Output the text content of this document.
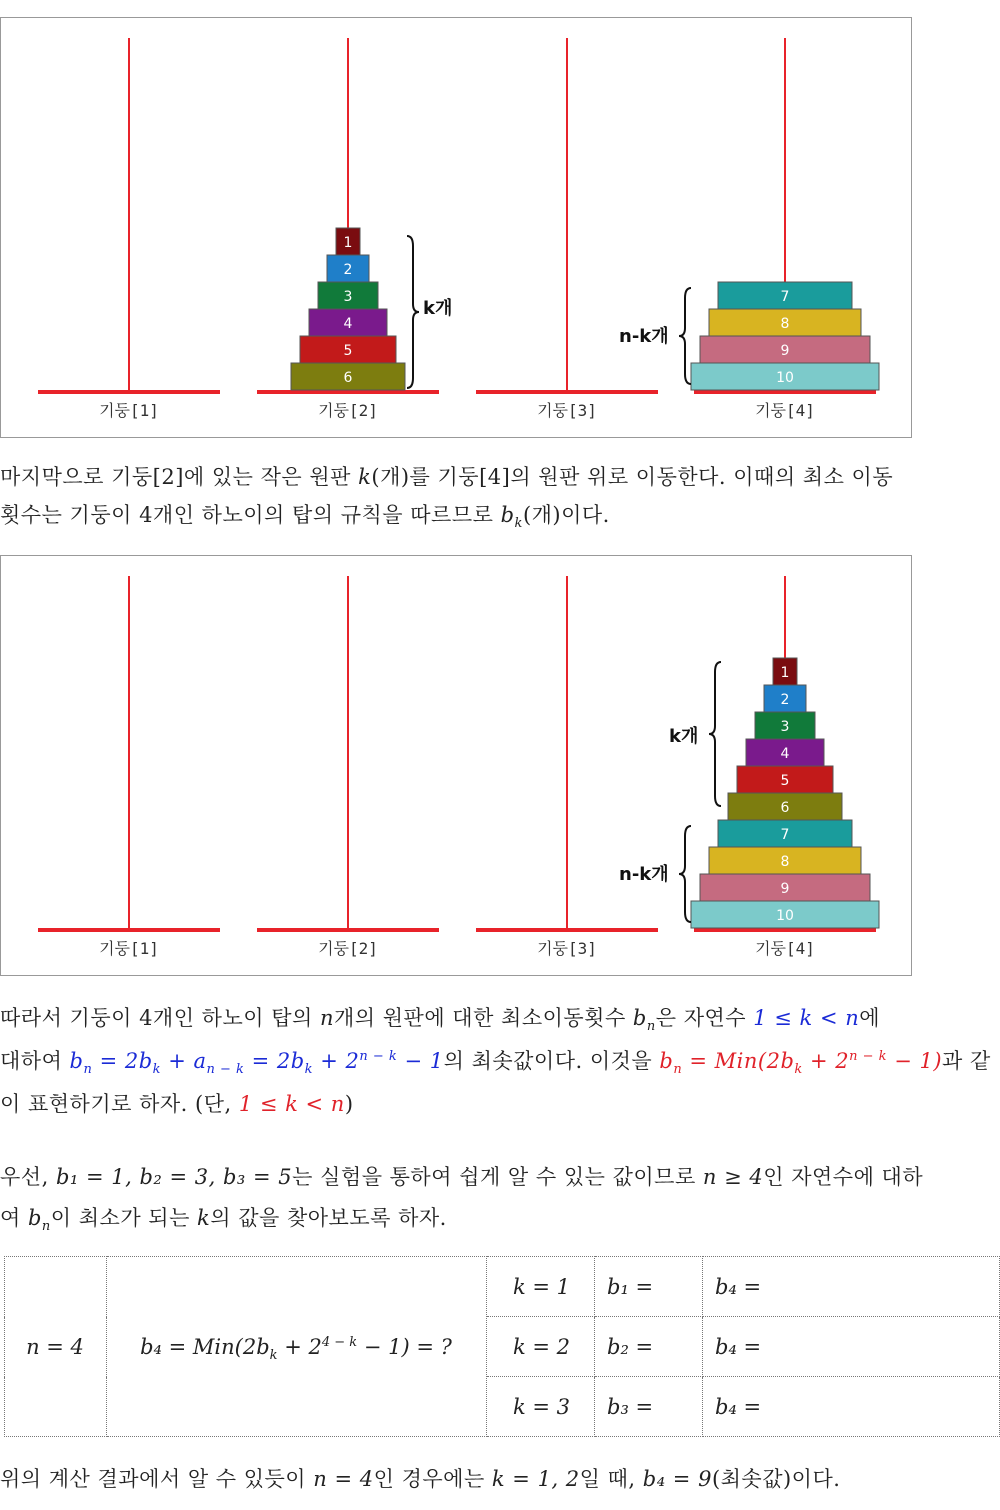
기둥[1]	기둥[2]	기둥[3]	기둥[4]
6
5
4
3
2
1
10
9
8
7
k개
n-k개
마지막으로 기둥[2]에 있는 작은 원판 k(개)를 기둥[4]의 원판 위로 이동한다. 이때의 최소 이동
횟수는 기둥이 4개인 하노이의 탑의 규칙을 따르므로 $b_k$(개)이다.
기둥[1]	기둥[2]	기둥[3]	기둥[4]
10
9
8
7
6
5
4
3
2
1
k개
n-k개
따라서 기둥이 4개인 하노이 탑의 n개의 원판에 대한 최소이동횟수 $b_n$은 자연수 1 ≤ k < n에
대하여 $b_n = 2b_k + a_{n - k} = 2b_k + 2^{n - k} - 1$의 최솟값이다. 이것을 $b_n = Min(2b_k + 2^{n - k} - 1)$과 같
이 표현하기로 하자. (단, 1 ≤ k < n)
우선, b₁ = 1, b₂ = 3, b₃ = 5는 실험을 통하여 쉽게 알 수 있는 값이므로 n ≥ 4인 자연수에 대하
여 $b_n$이 최소가 되는 k의 값을 찾아보도록 하자.
n = 4	$b_4 = Min(2b_k + 2^{4 - k} - 1)$ = ?	k = 1	b₁ =	b₄ =
		k = 2	b₂ =	b₄ =
		k = 3	b₃ =	b₄ =
위의 계산 결과에서 알 수 있듯이 n = 4인 경우에는 k = 1, 2일 때, b₄ = 9(최솟값)이다.
